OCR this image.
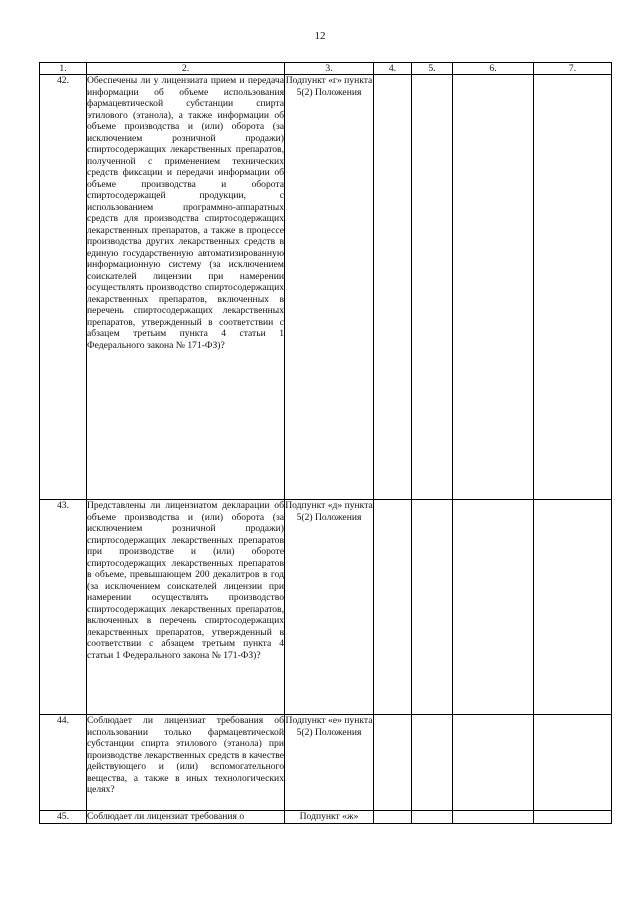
12
1.	2.	3.	4.	5.	6.	7.
42.	Обеспечены ли у лицензиата прием и передача информации об объеме использования фармацевтической субстанции спирта этилового (этанола), а также информации об объеме производства и (или) оборота (за исключением розничной продажи) спиртосодержащих лекарственных препаратов, полученной с применением технических средств фиксации и передачи информации об объеме производства и оборота спиртосодержащей продукции, с использованием программно-аппаратных средств для производства спиртосодержащих лекарственных препаратов, а также в процессе производства других лекарственных средств в единую государственную автоматизированную информационную систему (за исключением соискателей лицензии при намерении осуществлять производство спиртосодержащих лекарственных препаратов, включенных в перечень спиртосодержащих лекарственных препаратов, утвержденный в соответствии с абзацем третьим пункта 4 статьи 1 Федерального закона № 171-ФЗ)?	Подпункт «г» пункта 5(2) Положения				
43.	Представлены ли лицензиатом декларации об объеме производства и (или) оборота (за исключением розничной продажи) спиртосодержащих лекарственных препаратов при производстве и (или) обороте спиртосодержащих лекарственных препаратов в объеме, превышающем 200 декалитров в год (за исключением соискателей лицензии при намерении осуществлять производство спиртосодержащих лекарственных препаратов, включенных в перечень спиртосодержащих лекарственных препаратов, утвержденный в соответствии с абзацем третьим пункта 4 статьи 1 Федерального закона № 171-ФЗ)?	Подпункт «д» пункта 5(2) Положения				
44.	Соблюдает ли лицензиат требования об использовании только фармацевтической субстанции спирта этилового (этанола) при производстве лекарственных средств в качестве действующего и (или) вспомогательного вещества, а также в иных технологических целях?	Подпункт «е» пункта 5(2) Положения				
45.	Соблюдает ли лицензиат требования о	Подпункт «ж»				
